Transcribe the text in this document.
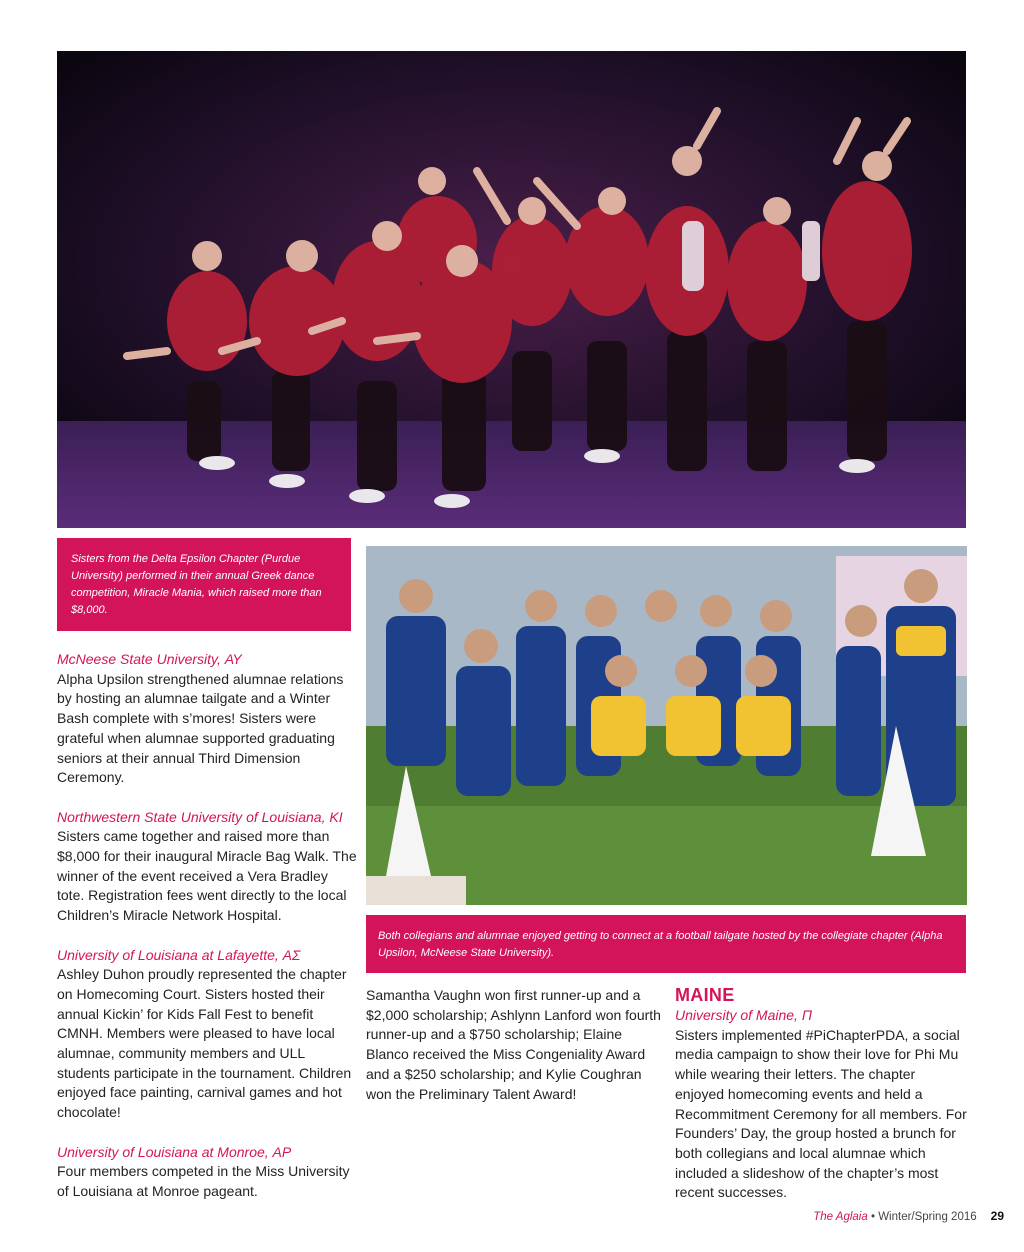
Sisters from the Delta Epsilon Chapter (Purdue University) performed in their annual Greek dance competition, Miracle Mania, which raised more than $8,000.
Both collegians and alumnae enjoyed getting to connect at a football tailgate hosted by the collegiate chapter (Alpha Upsilon, McNeese State University).
McNeese State University, ΑΥ
Alpha Upsilon strengthened alumnae relations by hosting an alumnae tailgate and a Winter Bash complete with s’mores! Sisters were grateful when alumnae supported graduating seniors at their annual Third Dimension Ceremony.
Northwestern State University of Louisiana, ΚΙ
Sisters came together and raised more than $8,000 for their inaugural Miracle Bag Walk. The winner of the event received a Vera Bradley tote. Registration fees went directly to the local Children’s Miracle Network Hospital.
University of Louisiana at Lafayette, ΑΣ
Ashley Duhon proudly represented the chapter on Homecoming Court. Sisters hosted their annual Kickin’ for Kids Fall Fest to benefit CMNH. Members were pleased to have local alumnae, community members and ULL students participate in the tournament. Children enjoyed face painting, carnival games and hot chocolate!
University of Louisiana at Monroe, ΑΡ
Four members competed in the Miss University of Louisiana at Monroe pageant.
Samantha Vaughn won first runner-up and a $2,000 scholarship; Ashlynn Lanford won fourth runner-up and a $750 scholarship; Elaine Blanco received the Miss Congeniality Award and a $250 scholarship; and Kylie Coughran won the Preliminary Talent Award!
MAINE
University of Maine, Π
Sisters implemented #PiChapterPDA, a social media campaign to show their love for Phi Mu while wearing their letters. The chapter enjoyed homecoming events and held a Recommitment Ceremony for all members. For Founders’ Day, the group hosted a brunch for both collegians and local alumnae which included a slideshow of the chapter’s most recent successes.
The Aglaia • Winter/Spring 2016 29
